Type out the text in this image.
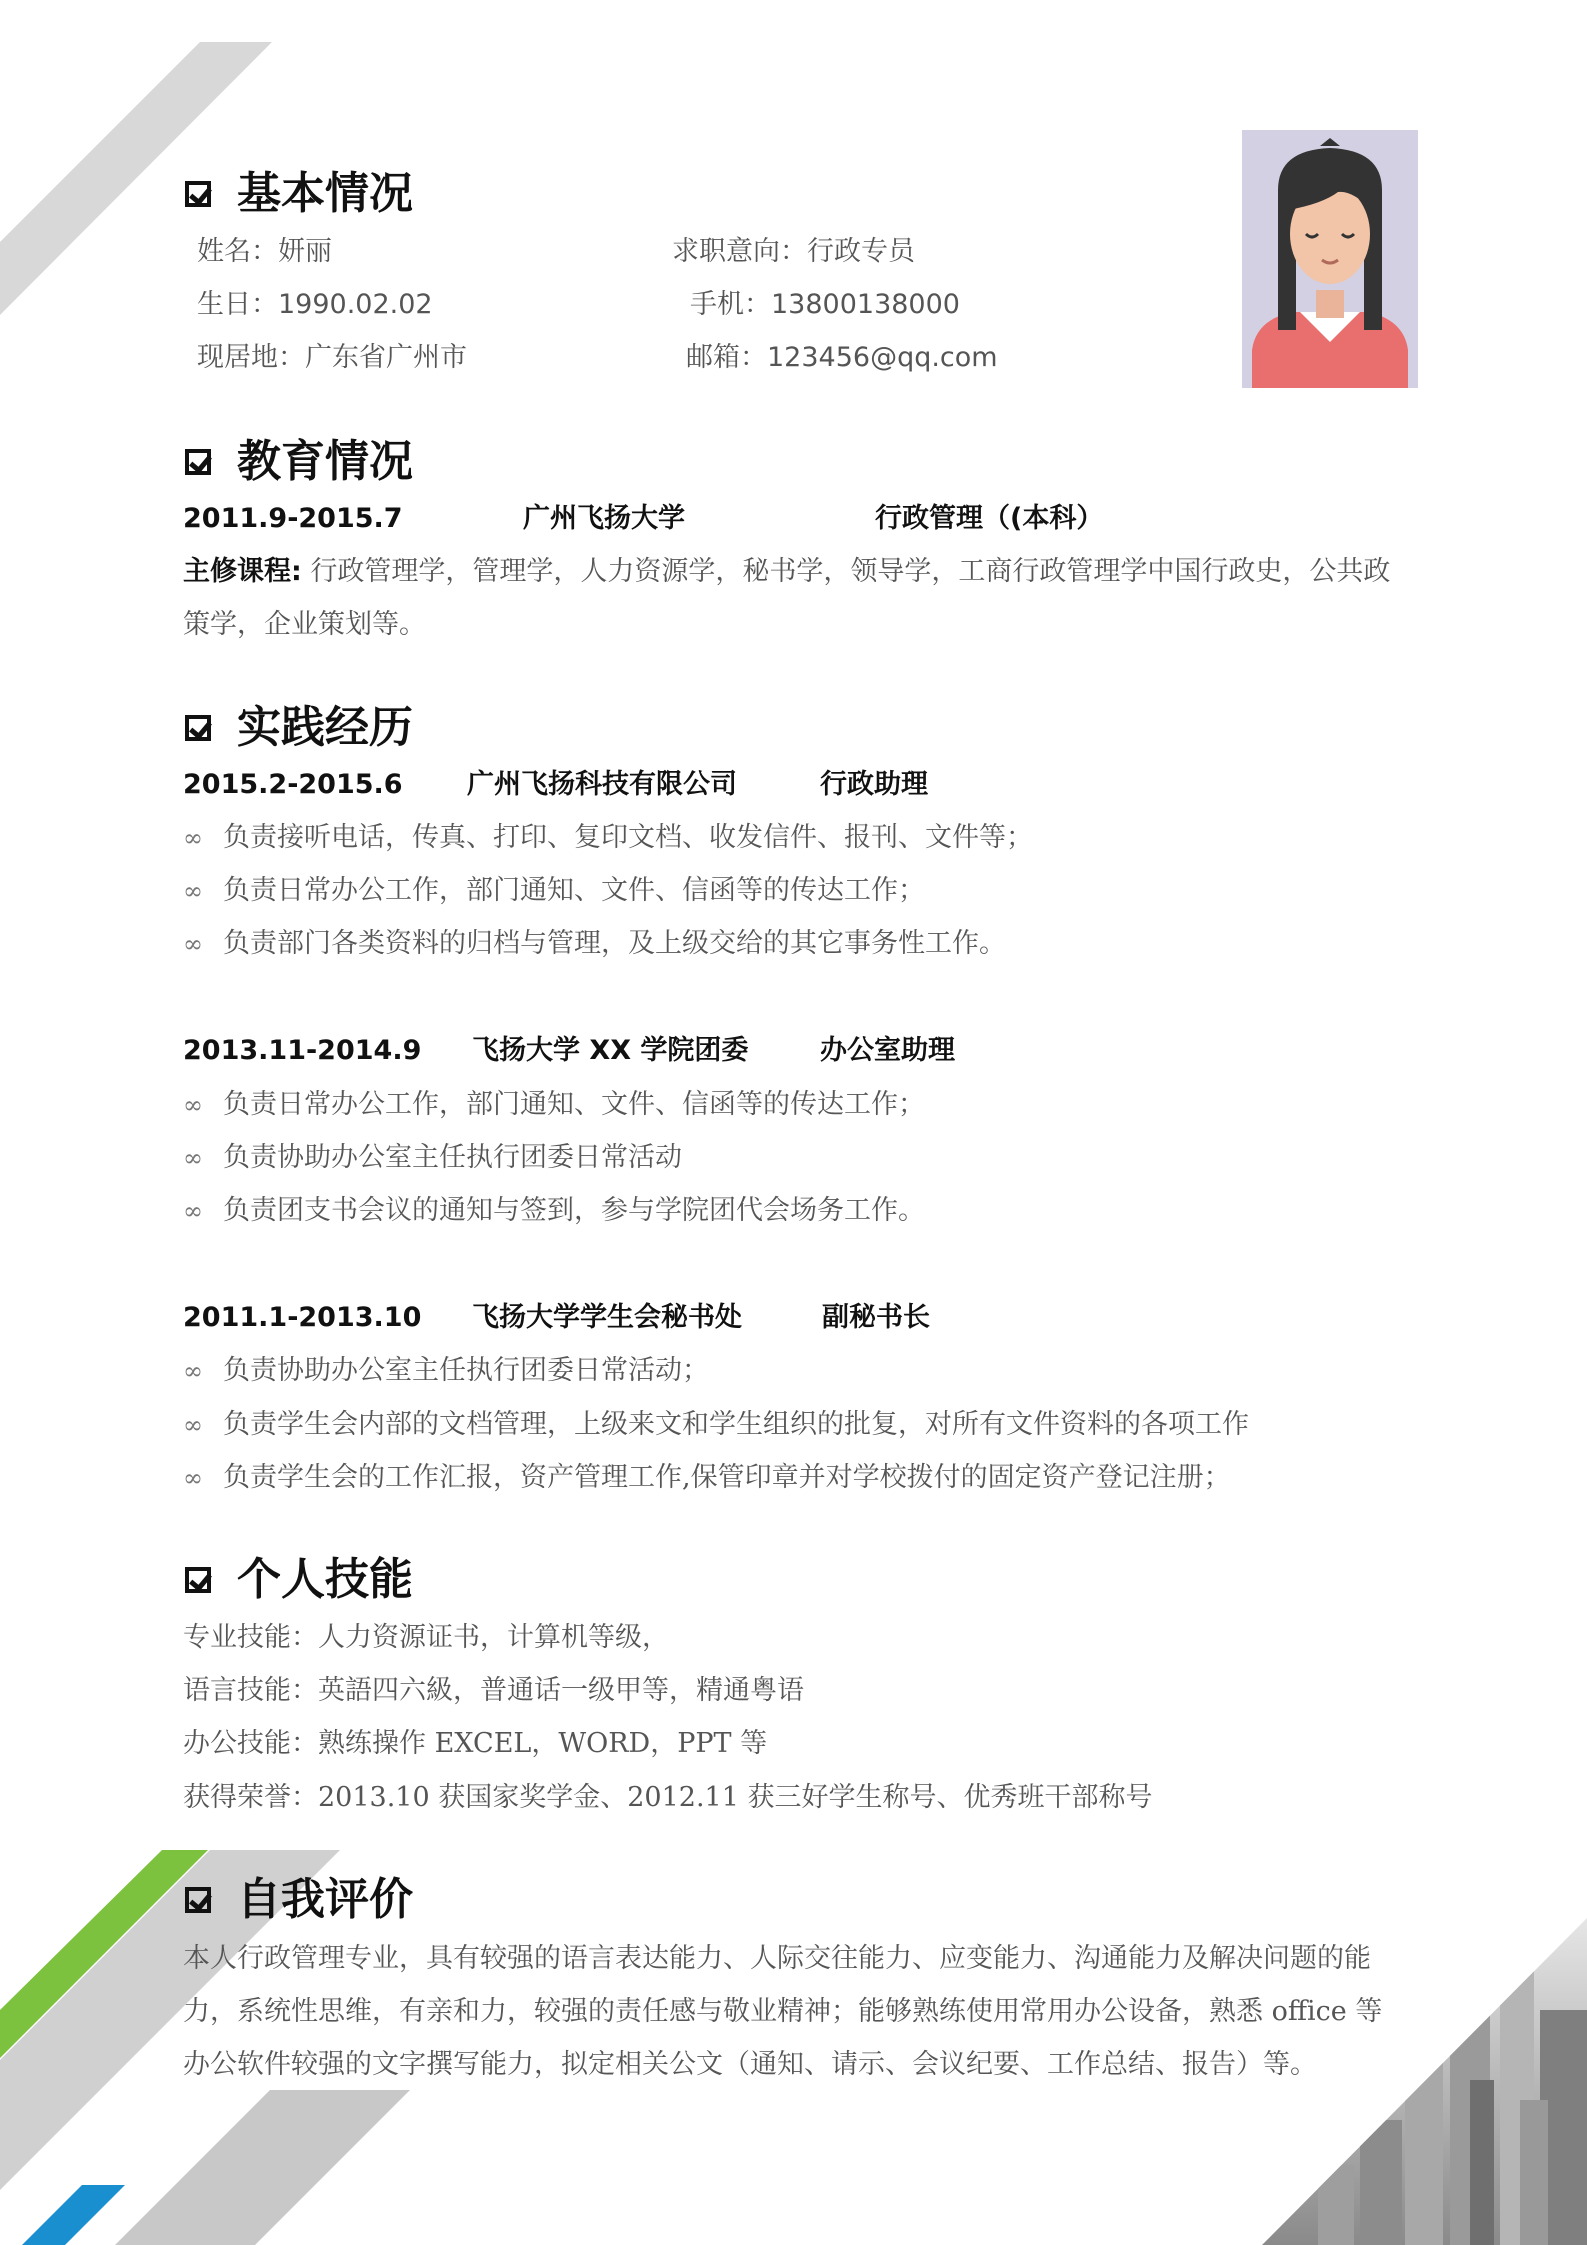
基本情况
姓名：妍丽	求职意向：行政专员
生日：1990.02.02	手机：13800138000
现居地：广东省广州市	邮箱：123456@qq.com
教育情况
2011.9-2015.7	广州飞扬大学	行政管理（(本科）

主修课程: 行政管理学，管理学，人力资源学，秘书学，领导学，工商行政管理学中国行政史，公共政策学，企业策划等。

实践经历
2015.2-2015.6 广州飞扬科技有限公司	行政助理
∞ 负责接听电话，传真、打印、复印文档、收发信件、报刊、文件等；
∞ 负责日常办公工作，部门通知、文件、信函等的传达工作；
∞ 负责部门各类资料的归档与管理，及上级交给的其它事务性工作。
2013.11-2014.9 飞扬大学 XX 学院团委	办公室助理
∞ 负责日常办公工作，部门通知、文件、信函等的传达工作；
∞ 负责协助办公室主任执行团委日常活动
∞ 负责团支书会议的通知与签到，参与学院团代会场务工作。
2011.1-2013.10 飞扬大学学生会秘书处	副秘书长
∞ 负责协助办公室主任执行团委日常活动；
∞ 负责学生会内部的文档管理，上级来文和学生组织的批复，对所有文件资料的各项工作
∞ 负责学生会的工作汇报，资产管理工作,保管印章并对学校拨付的固定资产登记注册；
个人技能
专业技能：人力资源证书，计算机等级，
语言技能：英語四六級，普通话一级甲等，精通粤语
办公技能：熟练操作 EXCEL，WORD，PPT 等
获得荣誉：2013.10 获国家奖学金、2012.11 获三好学生称号、优秀班干部称号
自我评价

本人行政管理专业，具有较强的语言表达能力、人际交往能力、应变能力、沟通能力及解决问题的能力，系统性思维，有亲和力，较强的责任感与敬业精神；能够熟练使用常用办公设备，熟悉 office 等办公软件较强的文字撰写能力，拟定相关公文（通知、请示、会议纪要、工作总结、报告）等。
